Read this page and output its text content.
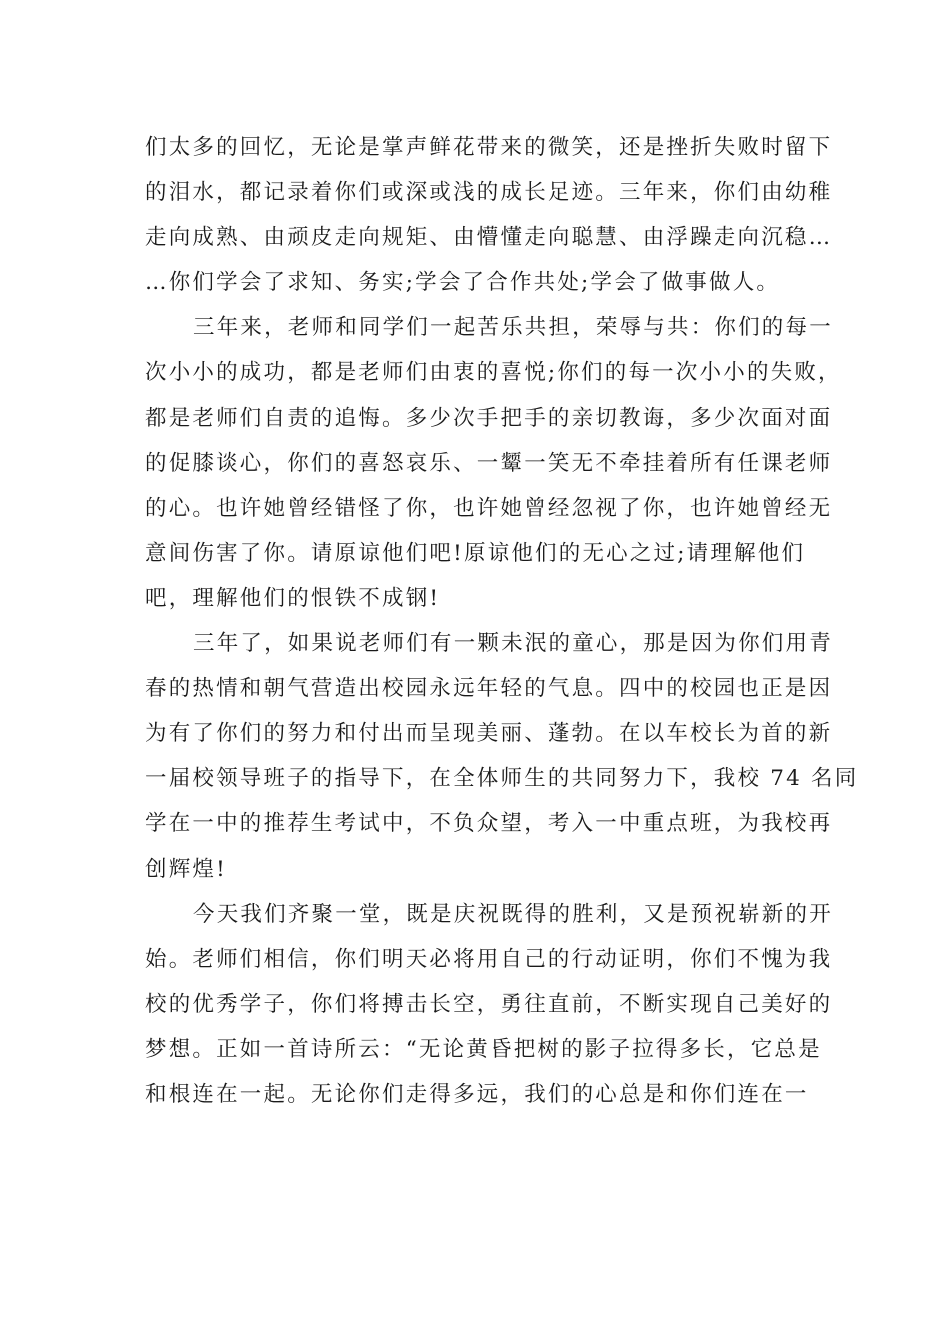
们太多的回忆，无论是掌声鲜花带来的微笑，还是挫折失败时留下
的泪水，都记录着你们或深或浅的成长足迹。三年来，你们由幼稚
走向成熟、由顽皮走向规矩、由懵懂走向聪慧、由浮躁走向沉稳…
…你们学会了求知、务实;学会了合作共处;学会了做事做人。
三年来，老师和同学们一起苦乐共担，荣辱与共：你们的每一
次小小的成功，都是老师们由衷的喜悦;你们的每一次小小的失败，
都是老师们自责的追悔。多少次手把手的亲切教诲，多少次面对面
的促膝谈心，你们的喜怒哀乐、一颦一笑无不牵挂着所有任课老师
的心。也许她曾经错怪了你，也许她曾经忽视了你，也许她曾经无
意间伤害了你。请原谅他们吧!原谅他们的无心之过;请理解他们
吧，理解他们的恨铁不成钢!
三年了，如果说老师们有一颗未泯的童心，那是因为你们用青
春的热情和朝气营造出校园永远年轻的气息。四中的校园也正是因
为有了你们的努力和付出而呈现美丽、蓬勃。在以车校长为首的新
一届校领导班子的指导下，在全体师生的共同努力下，我校 74 名同
学在一中的推荐生考试中，不负众望，考入一中重点班，为我校再
创辉煌!
今天我们齐聚一堂，既是庆祝既得的胜利，又是预祝崭新的开
始。老师们相信，你们明天必将用自己的行动证明，你们不愧为我
校的优秀学子，你们将搏击长空，勇往直前，不断实现自己美好的
梦想。正如一首诗所云：“无论黄昏把树的影子拉得多长，它总是
和根连在一起。无论你们走得多远，我们的心总是和你们连在一
